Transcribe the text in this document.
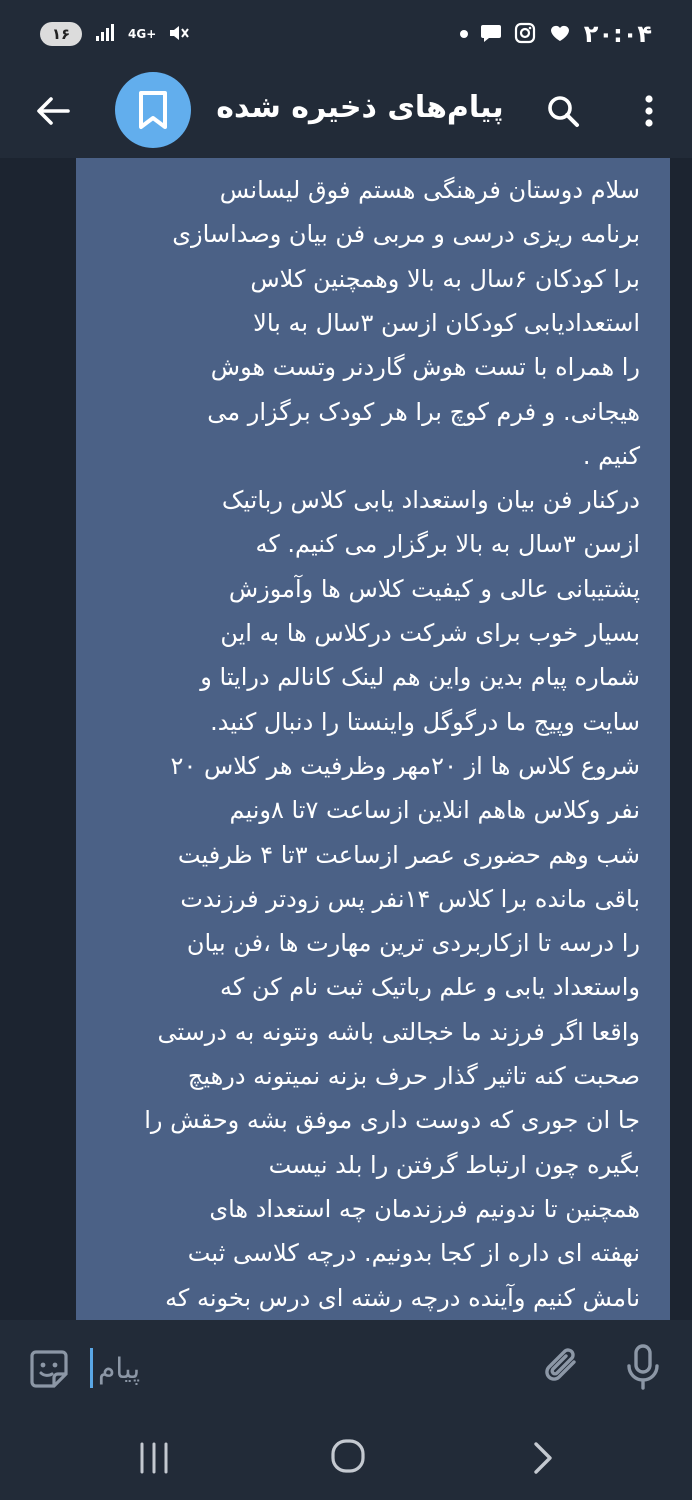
۱۶	4G+	۲۰:۰۴
پیام‌های ذخیره شده
سلام دوستان فرهنگی هستم فوق لیسانس
برنامه ریزی درسی و مربی فن بیان وصداسازی
برا کودکان ۶سال به بالا وهمچنین کلاس
استعدادیابی کودکان ازسن ۳سال به بالا
را همراه با تست هوش گاردنر وتست هوش
هیجانی. و فرم کوچ برا هر کودک برگزار می
کنیم .
درکنار فن بیان واستعداد یابی کلاس رباتیک
ازسن ۳سال به بالا برگزار می کنیم. که
پشتیبانی عالی و کیفیت کلاس ها وآموزش
بسیار خوب برای شرکت درکلاس ها به این
شماره پیام بدین واین هم لینک کانالم درایتا و
سایت وپیج ما درگوگل واینستا را دنبال کنید.
شروع کلاس ها از ۲۰مهر وظرفیت هر کلاس ۲۰
نفر وکلاس هاهم انلاین ازساعت ۷تا ۸ونیم
شب وهم حضوری عصر ازساعت ۳تا ۴ ظرفیت
باقی مانده برا کلاس ۱۴نفر پس زودتر فرزندت
را درسه تا ازکاربردی ترین مهارت ها ،فن بیان
واستعداد یابی و علم رباتیک ثبت نام کن که
واقعا اگر فرزند ما خجالتی باشه ونتونه به درستی
صحبت کنه تاثیر گذار حرف بزنه نمیتونه درهیچ
جا ان جوری که دوست داری موفق بشه وحقش را
بگیره چون ارتباط گرفتن را بلد نیست
همچنین تا ندونیم فرزندمان چه استعداد های
نهفته ای داره از کجا بدونیم. درچه کلاسی ثبت
نامش کنیم وآینده درچه رشته ای درس بخونه که
پیام
